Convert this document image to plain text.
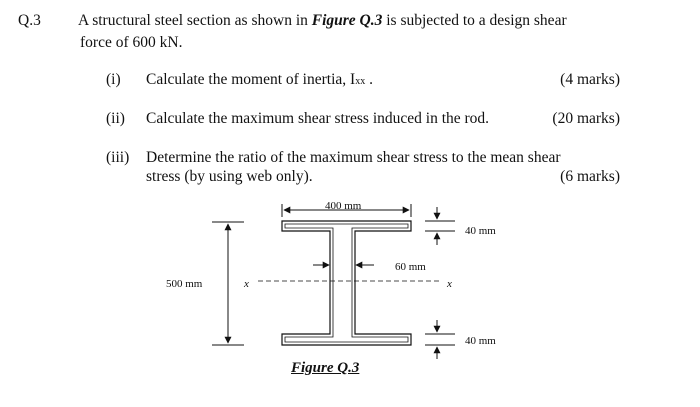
Q.3 A structural steel section as shown in Figure Q.3 is subjected to a design shear
force of 600 kN.
(i) Calculate the moment of inertia, Ixx .	(4 marks)
(ii) Calculate the maximum shear stress induced in the rod.	(20 marks)
(iii) Determine the ratio of the maximum shear stress to the mean shear
stress (by using web only).	(6 marks)
x	x
400 mm
60 mm
500 mm
40 mm
40 mm
Figure Q.3
